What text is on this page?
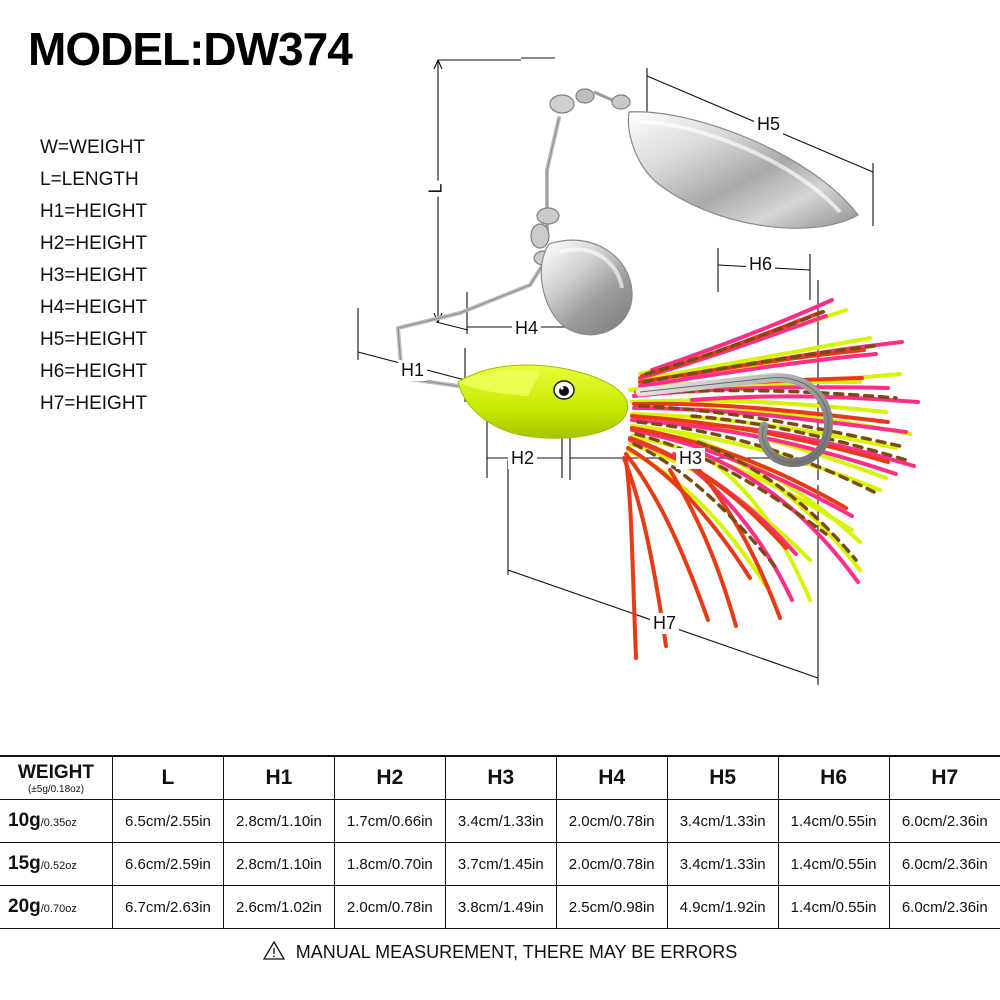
MODEL:DW374
W=WEIGHT
L=LENGTH
H1=HEIGHT
H2=HEIGHT
H3=HEIGHT
H4=HEIGHT
H5=HEIGHT
H6=HEIGHT
H7=HEIGHT
L
H5
H4
H1
H6
H2	H3
H7
WEIGHT
(±5g/0.18oz)	L	H1	H2	H3	H4	H5	H6	H7
10g/0.35oz	6.5cm/2.55in	2.8cm/1.10in	1.7cm/0.66in	3.4cm/1.33in	2.0cm/0.78in	3.4cm/1.33in	1.4cm/0.55in	6.0cm/2.36in
15g/0.52oz	6.6cm/2.59in	2.8cm/1.10in	1.8cm/0.70in	3.7cm/1.45in	2.0cm/0.78in	3.4cm/1.33in	1.4cm/0.55in	6.0cm/2.36in
20g/0.70oz	6.7cm/2.63in	2.6cm/1.02in	2.0cm/0.78in	3.8cm/1.49in	2.5cm/0.98in	4.9cm/1.92in	1.4cm/0.55in	6.0cm/2.36in
MANUAL MEASUREMENT, THERE MAY BE ERRORS
